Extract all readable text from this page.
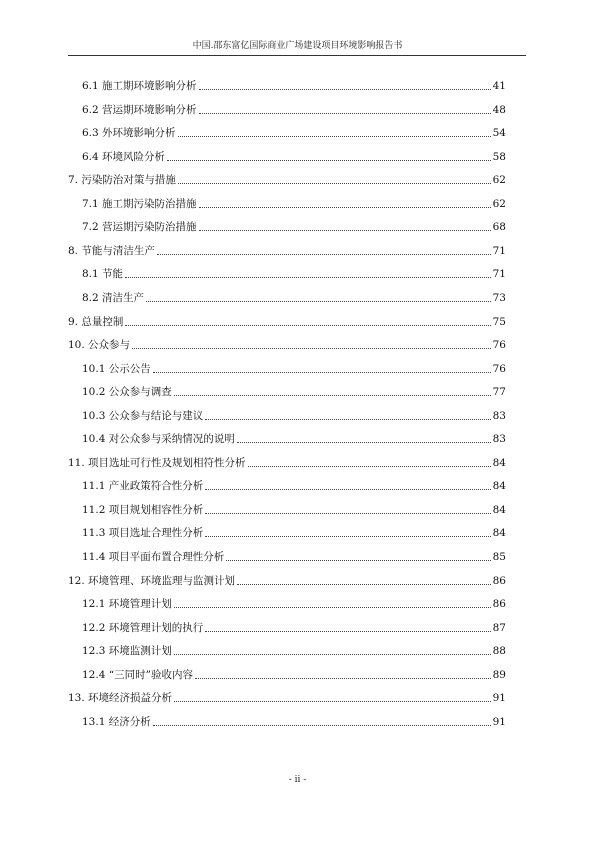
中国.邵东富亿国际商业广场建设项目环境影响报告书
6.1 施工期环境影响分析	41
6.2 营运期环境影响分析	48
6.3 外环境影响分析	54
6.4 环境风险分析	58
7. 污染防治对策与措施	62
7.1 施工期污染防治措施	62
7.2 营运期污染防治措施	68
8. 节能与清洁生产	71
8.1 节能	71
8.2 清洁生产	73
9. 总量控制	75
10. 公众参与	76
10.1 公示公告	76
10.2 公众参与调查	77
10.3 公众参与结论与建议	83
10.4 对公众参与采纳情况的说明	83
11. 项目选址可行性及规划相符性分析	84
11.1 产业政策符合性分析	84
11.2 项目规划相容性分析	84
11.3 项目选址合理性分析	84
11.4 项目平面布置合理性分析	85
12. 环境管理、环境监理与监测计划	86
12.1 环境管理计划	86
12.2 环境管理计划的执行	87
12.3 环境监测计划	88
12.4 “三同时”验收内容	89
13. 环境经济损益分析	91
13.1 经济分析	91
- ii -
